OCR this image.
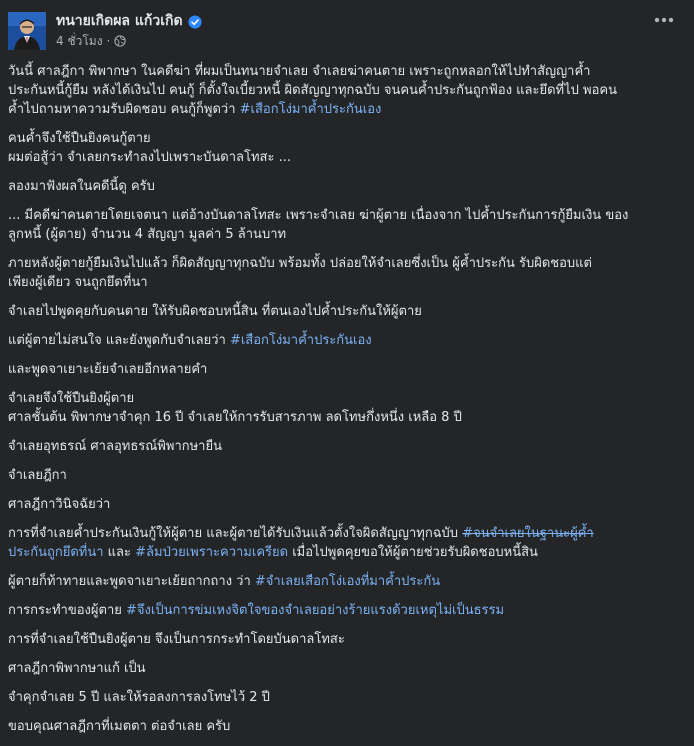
ทนายเกิดผล แก้วเกิด
4 ชั่วโมง ·
วันนี้ ศาลฎีกา พิพากษา ในคดีฆ่า ที่ผมเป็นทนายจำเลย จำเลยฆ่าคนตาย เพราะถูกหลอกให้ไปทำสัญญาค้ำ
ประกันหนี้กู้ยืม หลังได้เงินไป คนกู้ ก็ตั้งใจเบี้ยวหนี้ ผิดสัญญาทุกฉบับ จนคนค้ำประกันถูกฟ้อง และยึดที่ไป พอคน
ค้ำไปถามหาความรับผิดชอบ คนกู้ก็พูดว่า #เสือกโง่มาค้ำประกันเอง
คนค้ำจึงใช้ปืนยิงคนกู้ตาย
ผมต่อสู้ว่า จำเลยกระทำลงไปเพราะบันดาลโทสะ ...
ลองมาฟังผลในคดีนี้ดู ครับ
... มีคดีฆ่าคนตายโดยเจตนา แต่อ้างบันดาลโทสะ เพราะจำเลย ฆ่าผู้ตาย เนื่องจาก ไปค้ำประกันการกู้ยืมเงิน ของ
ลูกหนี้ (ผู้ตาย) จำนวน 4 สัญญา มูลค่า 5 ล้านบาท
ภายหลังผู้ตายกู้ยืมเงินไปแล้ว ก็ผิดสัญญาทุกฉบับ พร้อมทั้ง ปล่อยให้จำเลยซึ่งเป็น ผู้ค้ำประกัน รับผิดชอบแต่
เพียงผู้เดียว จนถูกยึดที่นา
จำเลยไปพูดคุยกับคนตาย ให้รับผิดชอบหนี้สิน ที่ตนเองไปค้ำประกันให้ผู้ตาย
แต่ผู้ตายไม่สนใจ และยังพูดกับจำเลยว่า #เสือกโง่มาค้ำประกันเอง
และพูดจาเยาะเย้ยจำเลยอีกหลายคำ
จำเลยจึงใช้ปืนยิงผู้ตาย
ศาลชั้นต้น พิพากษาจำคุก 16 ปี จำเลยให้การรับสารภาพ ลดโทษกึ่งหนึ่ง เหลือ 8 ปี
จำเลยอุทธรณ์ ศาลอุทธรณ์พิพากษายืน
จำเลยฎีกา
ศาลฎีกาวินิจฉัยว่า
การที่จำเลยค้ำประกันเงินกู้ให้ผู้ตาย และผู้ตายได้รับเงินแล้วตั้งใจผิดสัญญาทุกฉบับ #จนจำเลยในฐานะผู้ค้ำ
ประกันถูกยึดที่นา และ #ล้มป่วยเพราะความเครียด เมื่อไปพูดคุยขอให้ผู้ตายช่วยรับผิดชอบหนี้สิน
ผู้ตายก็ท้าทายและพูดจาเยาะเย้ยถากถาง ว่า #จำเลยเสือกโง่เองที่มาค้ำประกัน
การกระทำของผู้ตาย #จึงเป็นการข่มเหงจิตใจของจำเลยอย่างร้ายแรงด้วยเหตุไม่เป็นธรรม
การที่จำเลยใช้ปืนยิงผู้ตาย จึงเป็นการกระทำโดยบันดาลโทสะ
ศาลฎีกาพิพากษาแก้ เป็น
จำคุกจำเลย 5 ปี และให้รอลงการลงโทษไว้ 2 ปี
ขอบคุณศาลฎีกาที่เมตตา ต่อจำเลย ครับ
